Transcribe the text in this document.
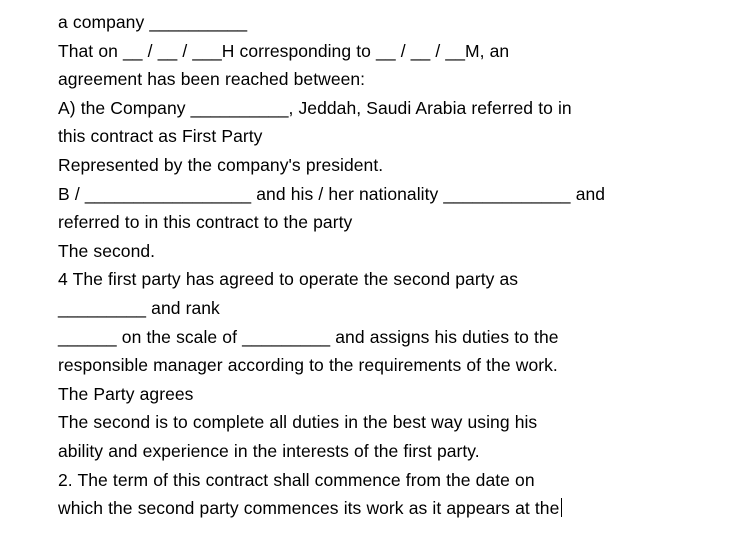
a company __________
That on __ / __ / ___H corresponding to __ / __ / __M, an
agreement has been reached between:
A) the Company __________, Jeddah, Saudi Arabia referred to in
this contract as First Party
Represented by the company's president.
B / _________________ and his / her nationality _____________ and
referred to in this contract to the party
The second.
4 The first party has agreed to operate the second party as
_________ and rank
______ on the scale of _________ and assigns his duties to the
responsible manager according to the requirements of the work.
The Party agrees
The second is to complete all duties in the best way using his
ability and experience in the interests of the first party.
2. The term of this contract shall commence from the date on
which the second party commences its work as it appears at the
